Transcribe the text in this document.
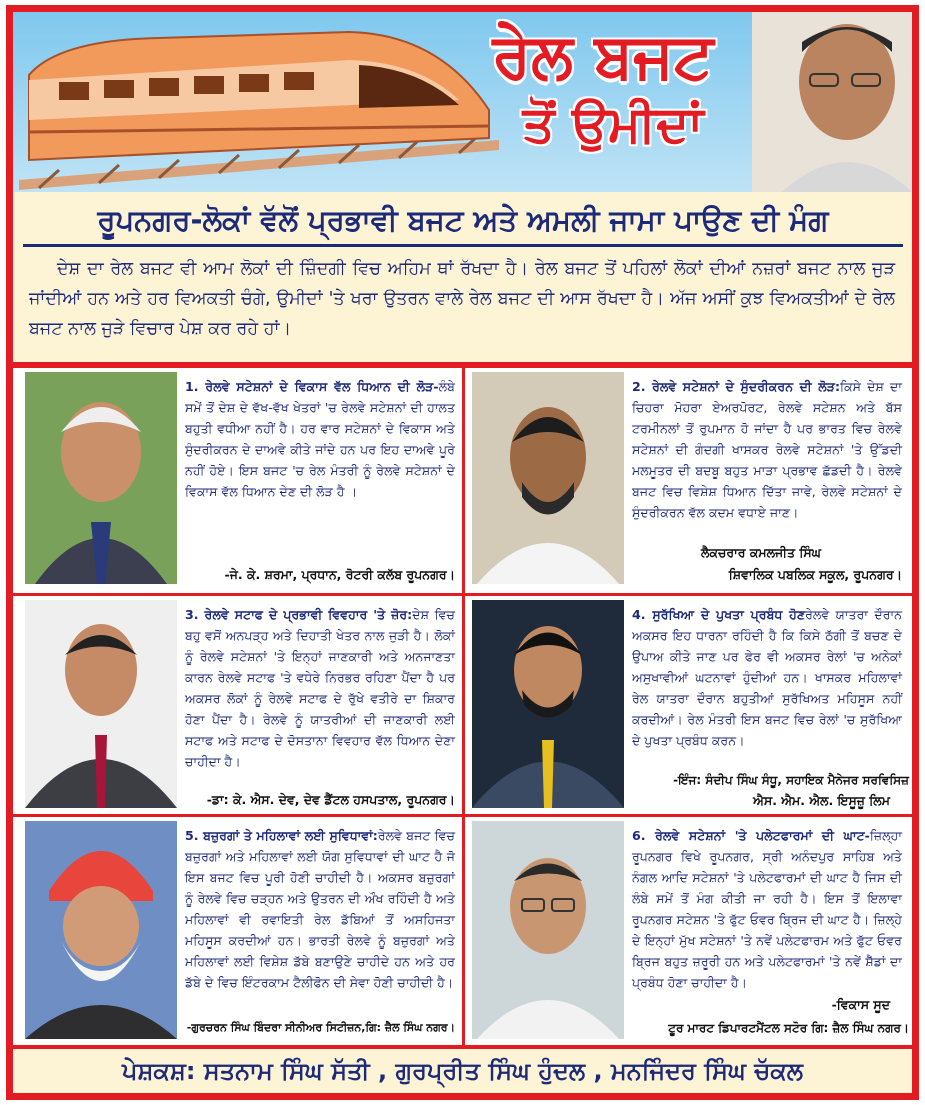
ਰੇਲ ਬਜਟ
ਤੋਂ ਉਮੀਦਾਂ
ਰੂਪਨਗਰ-ਲੋਕਾਂ ਵੱਲੋਂ ਪ੍ਰਭਾਵੀ ਬਜਟ ਅਤੇ ਅਮਲੀ ਜਾਮਾ ਪਾਉਣ ਦੀ ਮੰਗ
ਦੇਸ਼ ਦਾ ਰੇਲ ਬਜਟ ਵੀ ਆਮ ਲੋਕਾਂ ਦੀ ਜ਼ਿੰਦਗੀ ਵਿਚ ਅਹਿਮ ਥਾਂ ਰੱਖਦਾ ਹੈ। ਰੇਲ ਬਜਟ ਤੋਂ ਪਹਿਲਾਂ ਲੋਕਾਂ ਦੀਆਂ ਨਜ਼ਰਾਂ ਬਜਟ ਨਾਲ ਜੁੜ ਜਾਂਦੀਆਂ ਹਨ ਅਤੇ ਹਰ ਵਿਅਕਤੀ ਚੰਗੇ, ਉਮੀਦਾਂ 'ਤੇ ਖਰਾ ਉਤਰਨ ਵਾਲੇ ਰੇਲ ਬਜਟ ਦੀ ਆਸ ਰੱਖਦਾ ਹੈ। ਅੱਜ ਅਸੀਂ ਕੁਝ ਵਿਅਕਤੀਆਂ ਦੇ ਰੇਲ ਬਜਟ ਨਾਲ ਜੁੜੇ ਵਿਚਾਰ ਪੇਸ਼ ਕਰ ਰਹੇ ਹਾਂ।
1. ਰੇਲਵੇ ਸਟੇਸ਼ਨਾਂ ਦੇ ਵਿਕਾਸ ਵੱਲ ਧਿਆਨ ਦੀ ਲੋੜ-ਲੰਬੇ ਸਮੇਂ ਤੋਂ ਦੇਸ਼ ਦੇ ਵੱਖ-ਵੱਖ ਖੇਤਰਾਂ 'ਚ ਰੇਲਵੇ ਸਟੇਸ਼ਨਾਂ ਦੀ ਹਾਲਤ ਬਹੁਤੀ ਵਧੀਆ ਨਹੀਂ ਹੈ। ਹਰ ਵਾਰ ਸਟੇਸ਼ਨਾਂ ਦੇ ਵਿਕਾਸ ਅਤੇ ਸੁੰਦਰੀਕਰਨ ਦੇ ਦਾਅਵੇ ਕੀਤੇ ਜਾਂਦੇ ਹਨ ਪਰ ਇਹ ਦਾਅਵੇ ਪੂਰੇ ਨਹੀਂ ਹੋਏ। ਇਸ ਬਜਟ 'ਚ ਰੇਲ ਮੰਤਰੀ ਨੂੰ ਰੇਲਵੇ ਸਟੇਸ਼ਨਾਂ ਦੇ ਵਿਕਾਸ ਵੱਲ ਧਿਆਨ ਦੇਣ ਦੀ ਲੋੜ ਹੈ ।
-ਜੇ. ਕੇ. ਸ਼ਰਮਾ, ਪ੍ਰਧਾਨ, ਰੋਟਰੀ ਕਲੱਬ ਰੂਪਨਗਰ।
2. ਰੇਲਵੇ ਸਟੇਸ਼ਨਾਂ ਦੇ ਸੁੰਦਰੀਕਰਨ ਦੀ ਲੋੜ:ਕਿਸੇ ਦੇਸ਼ ਦਾ ਚਿਹਰਾ ਮੋਹਰਾ ਏਅਰਪੋਰਟ, ਰੇਲਵੇ ਸਟੇਸ਼ਨ ਅਤੇ ਬੱਸ ਟਰਮੀਨਲਾਂ ਤੋਂ ਰੁਪਮਾਨ ਹੋ ਜਾਂਦਾ ਹੈ ਪਰ ਭਾਰਤ ਵਿਚ ਰੇਲਵੇ ਸਟੇਸ਼ਨਾਂ ਦੀ ਗੰਦਗੀ ਖਾਸਕਰ ਰੇਲਵੇ ਸਟੇਸ਼ਨਾਂ 'ਤੇ ਉੱਡਦੀ ਮਲਮੂਤਰ ਦੀ ਬਦਬੂ ਬਹੁਤ ਮਾੜਾ ਪ੍ਰਭਾਵ ਛੱਡਦੀ ਹੈ। ਰੇਲਵੇ ਬਜਟ ਵਿਚ ਵਿਸ਼ੇਸ਼ ਧਿਆਨ ਦਿੱਤਾ ਜਾਵੇ, ਰੇਲਵੇ ਸਟੇਸ਼ਨਾਂ ਦੇ ਸੁੰਦਰੀਕਰਨ ਵੱਲ ਕਦਮ ਵਧਾਏ ਜਾਣ।
ਲੈਕਚਰਾਰ ਕਮਲਜੀਤ ਸਿੰਘ
ਸ਼ਿਵਾਲਿਕ ਪਬਲਿਕ ਸਕੂਲ, ਰੂਪਨਗਰ।
3. ਰੇਲਵੇ ਸਟਾਫ ਦੇ ਪ੍ਰਭਾਵੀ ਵਿਵਹਾਰ 'ਤੇ ਜ਼ੋਰ:ਦੇਸ਼ ਵਿਚ ਬਹੁ ਵਸੋਂ ਅਨਪੜ੍ਹ ਅਤੇ ਦਿਹਾਤੀ ਖੇਤਰ ਨਾਲ ਜੁੜੀ ਹੈ। ਲੋਕਾਂ ਨੂੰ ਰੇਲਵੇ ਸਟੇਸ਼ਨਾਂ 'ਤੇ ਇਨ੍ਹਾਂ ਜਾਣਕਾਰੀ ਅਤੇ ਅਨਜਾਣਤਾ ਕਾਰਨ ਰੇਲਵੇ ਸਟਾਫ 'ਤੇ ਵਧੇਰੇ ਨਿਰਭਰ ਰਹਿਣਾ ਪੈਂਦਾ ਹੈ ਪਰ ਅਕਸਰ ਲੋਕਾਂ ਨੂੰ ਰੇਲਵੇ ਸਟਾਫ ਦੇ ਰੁੱਖੇ ਵਤੀਰੇ ਦਾ ਸ਼ਿਕਾਰ ਹੋਣਾ ਪੈਂਦਾ ਹੈ। ਰੇਲਵੇ ਨੂੰ ਯਾਤਰੀਆਂ ਦੀ ਜਾਣਕਾਰੀ ਲਈ ਸਟਾਫ ਅਤੇ ਸਟਾਫ ਦੇ ਦੋਸਤਾਨਾ ਵਿਵਹਾਰ ਵੱਲ ਧਿਆਨ ਦੇਣਾ ਚਾਹੀਦਾ ਹੈ।
-ਡਾ: ਕੇ. ਐਸ. ਦੇਵ, ਦੇਵ ਡੈਂਟਲ ਹਸਪਤਾਲ, ਰੂਪਨਗਰ।
4. ਸੁਰੱਖਿਆ ਦੇ ਪੁਖਤਾ ਪ੍ਰਬੰਧ ਹੋਣਰੇਲਵੇ ਯਾਤਰਾ ਦੌਰਾਨ ਅਕਸਰ ਇਹ ਧਾਰਨਾ ਰਹਿੰਦੀ ਹੈ ਕਿ ਕਿਸੇ ਠੱਗੀ ਤੋਂ ਬਚਣ ਦੇ ਉਪਾਅ ਕੀਤੇ ਜਾਣ ਪਰ ਫੇਰ ਵੀ ਅਕਸਰ ਰੇਲਾਂ 'ਚ ਅਨੇਕਾਂ ਅਸੁਖਾਵੀਆਂ ਘਟਨਾਵਾਂ ਹੁੰਦੀਆਂ ਹਨ। ਖਾਸਕਰ ਮਹਿਲਾਵਾਂ ਰੇਲ ਯਾਤਰਾ ਦੌਰਾਨ ਬਹੁਤੀਆਂ ਸੁਰੱਖਿਅਤ ਮਹਿਸੂਸ ਨਹੀਂ ਕਰਦੀਆਂ। ਰੇਲ ਮੰਤਰੀ ਇਸ ਬਜਟ ਵਿਚ ਰੇਲਾਂ 'ਚ ਸੁਰੱਖਿਆ ਦੇ ਪੁਖਤਾ ਪ੍ਰਬੰਧ ਕਰਨ।
-ਇੰਜ: ਸੰਦੀਪ ਸਿੰਘ ਸੰਧੂ, ਸਹਾਇਕ ਮੈਨੇਜਰ ਸਰਵਿਸਿਜ਼
ਐਸ. ਐਮ. ਐਲ. ਇਸੂਜ਼ੂ ਲਿਮ
5. ਬਜ਼ੁਰਗਾਂ ਤੇ ਮਹਿਲਾਵਾਂ ਲਈ ਸੁਵਿਧਾਵਾਂ:ਰੇਲਵੇ ਬਜਟ ਵਿਚ ਬਜ਼ੁਰਗਾਂ ਅਤੇ ਮਹਿਲਾਵਾਂ ਲਈ ਯੋਗ ਸੁਵਿਧਾਵਾਂ ਦੀ ਘਾਟ ਹੈ ਜੋ ਇਸ ਬਜਟ ਵਿਚ ਪੂਰੀ ਹੋਣੀ ਚਾਹੀਦੀ ਹੈ। ਅਕਸਰ ਬਜ਼ੁਰਗਾਂ ਨੂੰ ਰੇਲਵੇ ਵਿਚ ਚੜ੍ਹਨ ਅਤੇ ਉਤਰਨ ਦੀ ਔਖ ਰਹਿੰਦੀ ਹੈ ਅਤੇ ਮਹਿਲਾਵਾਂ ਵੀ ਰਵਾਇਤੀ ਰੇਲ ਡੱਬਿਆਂ ਤੋਂ ਅਸਹਿਜਤਾ ਮਹਿਸੂਸ ਕਰਦੀਆਂ ਹਨ। ਭਾਰਤੀ ਰੇਲਵੇ ਨੂੰ ਬਜ਼ੁਰਗਾਂ ਅਤੇ ਮਹਿਲਾਵਾਂ ਲਈ ਵਿਸ਼ੇਸ਼ ਡੱਬੇ ਬਣਾਉਣੇ ਚਾਹੀਦੇ ਹਨ ਅਤੇ ਹਰ ਡੱਬੇ ਦੇ ਵਿਚ ਇੰਟਰਕਾਮ ਟੈਲੀਫੋਨ ਦੀ ਸੇਵਾ ਹੋਣੀ ਚਾਹੀਦੀ ਹੈ।
-ਗੁਰਚਰਨ ਸਿੰਘ ਬਿੰਦਰਾ ਸੀਨੀਅਰ ਸਿਟੀਜ਼ਨ,ਗਿ: ਜ਼ੈਲ ਸਿੰਘ ਨਗਰ।
6. ਰੇਲਵੇ ਸਟੇਸ਼ਨਾਂ 'ਤੇ ਪਲੇਟਫਾਰਮਾਂ ਦੀ ਘਾਟ-ਜ਼ਿਲ੍ਹਾ ਰੂਪਨਗਰ ਵਿਖੇ ਰੂਪਨਗਰ, ਸ੍ਰੀ ਅਨੰਦਪੁਰ ਸਾਹਿਬ ਅਤੇ ਨੰਗਲ ਆਦਿ ਸਟੇਸ਼ਨਾਂ 'ਤੇ ਪਲੇਟਫਾਰਮਾਂ ਦੀ ਘਾਟ ਹੈ ਜਿਸ ਦੀ ਲੰਬੇ ਸਮੇਂ ਤੋਂ ਮੰਗ ਕੀਤੀ ਜਾ ਰਹੀ ਹੈ। ਇਸ ਤੋਂ ਇਲਾਵਾ ਰੂਪਨਗਰ ਸਟੇਸ਼ਨ 'ਤੇ ਫੁੱਟ ਓਵਰ ਬ੍ਰਿਜ ਦੀ ਘਾਟ ਹੈ। ਜ਼ਿਲ੍ਹੇ ਦੇ ਇਨ੍ਹਾਂ ਮੁੱਖ ਸਟੇਸ਼ਨਾਂ 'ਤੇ ਨਵੇਂ ਪਲੇਟਫਾਰਮ ਅਤੇ ਫੁੱਟ ਓਵਰ ਬ੍ਰਿਜ ਬਹੁਤ ਜ਼ਰੂਰੀ ਹਨ ਅਤੇ ਪਲੇਟਫਾਰਮਾਂ 'ਤੇ ਨਵੇਂ ਸ਼ੈੱਡਾਂ ਦਾ ਪ੍ਰਬੰਧ ਹੋਣਾ ਚਾਹੀਦਾ ਹੈ।
-ਵਿਕਾਸ ਸੂਦ
ਟੂਰ ਮਾਰਟ ਡਿਪਾਰਟਮੈਂਟਲ ਸਟੋਰ ਗਿ: ਜ਼ੈਲ ਸਿੰਘ ਨਗਰ।
ਪੇਸ਼ਕਸ਼: ਸਤਨਾਮ ਸਿੰਘ ਸੱਤੀ , ਗੁਰਪ੍ਰੀਤ ਸਿੰਘ ਹੁੰਦਲ , ਮਨਜਿੰਦਰ ਸਿੰਘ ਚੱਕਲ
